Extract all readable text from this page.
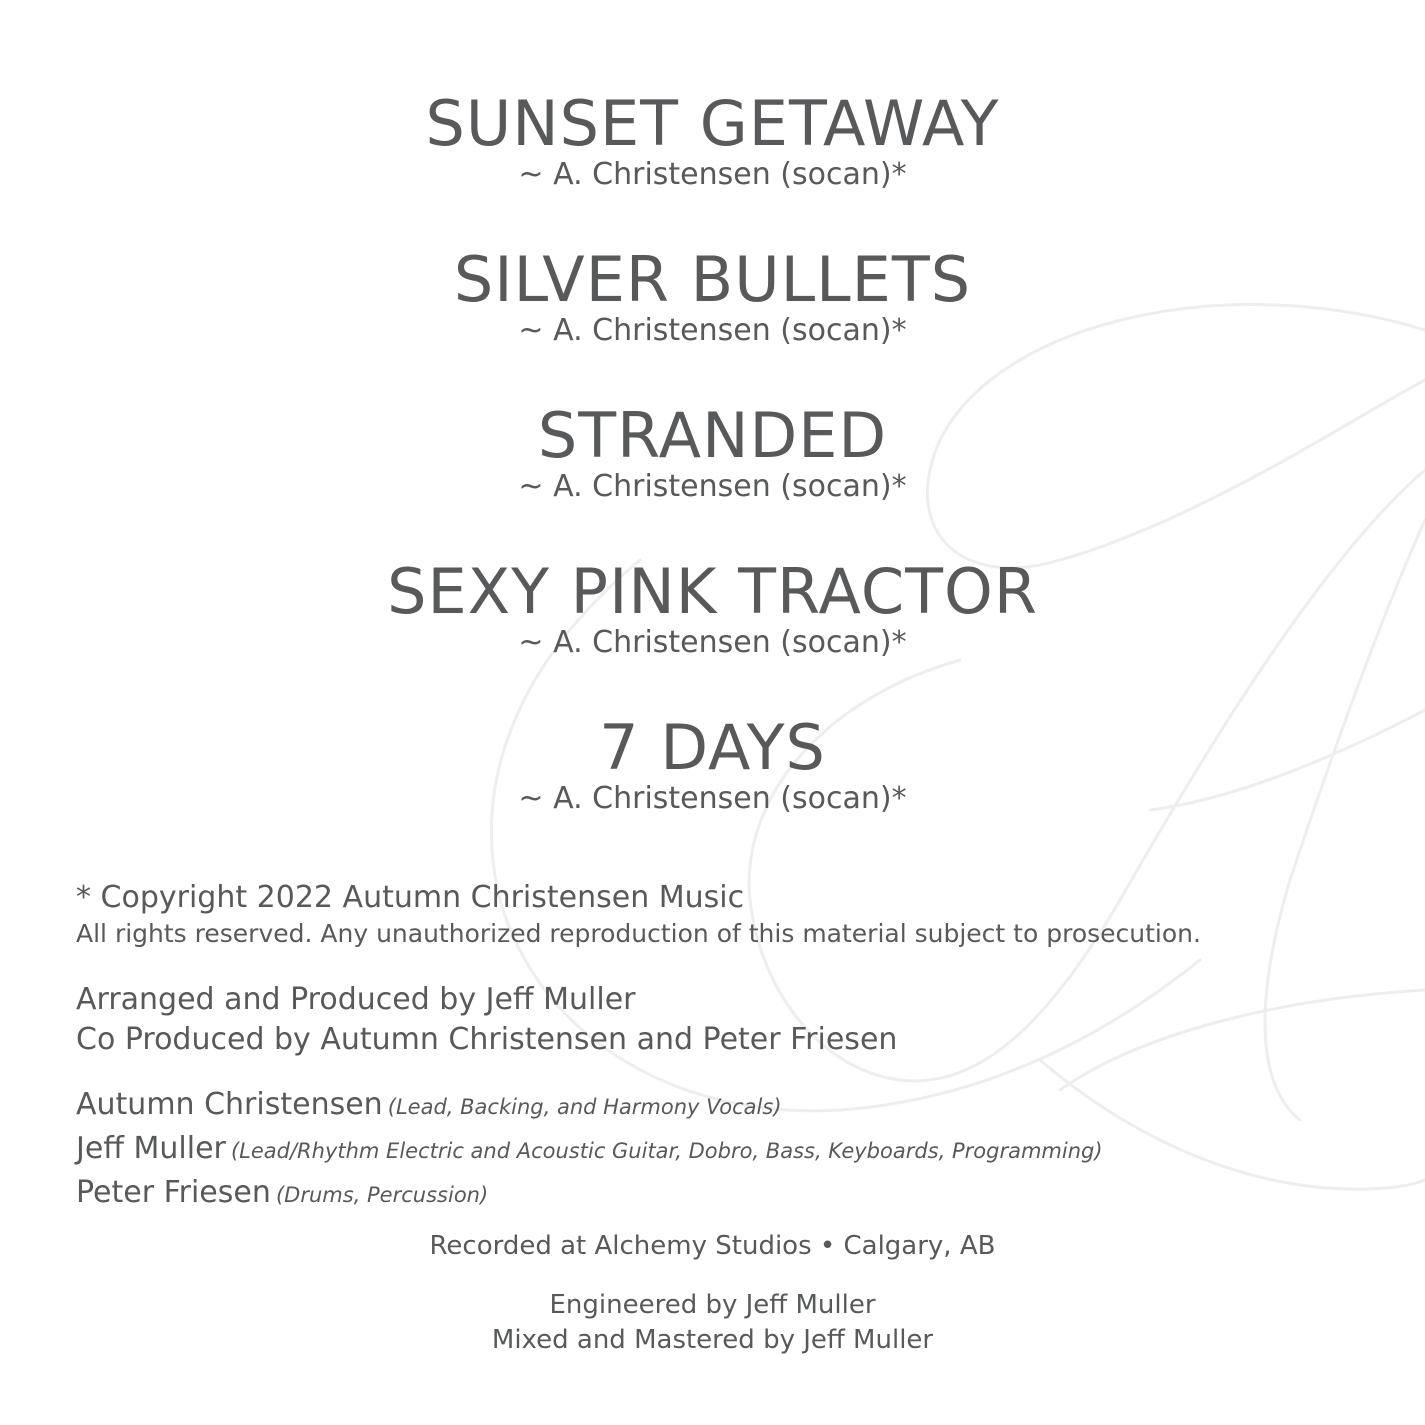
SUNSET GETAWAY
~ A. Christensen (socan)*
SILVER BULLETS
~ A. Christensen (socan)*
STRANDED
~ A. Christensen (socan)*
SEXY PINK TRACTOR
~ A. Christensen (socan)*
7 DAYS
~ A. Christensen (socan)*
* Copyright 2022 Autumn Christensen Music
All rights reserved. Any unauthorized reproduction of this material subject to prosecution.
Arranged and Produced by Jeff Muller
Co Produced by Autumn Christensen and Peter Friesen
Autumn Christensen (Lead, Backing, and Harmony Vocals)
Jeff Muller (Lead/Rhythm Electric and Acoustic Guitar, Dobro, Bass, Keyboards, Programming)
Peter Friesen (Drums, Percussion)
Recorded at Alchemy Studios • Calgary, AB
Engineered by Jeff Muller
Mixed and Mastered by Jeff Muller
